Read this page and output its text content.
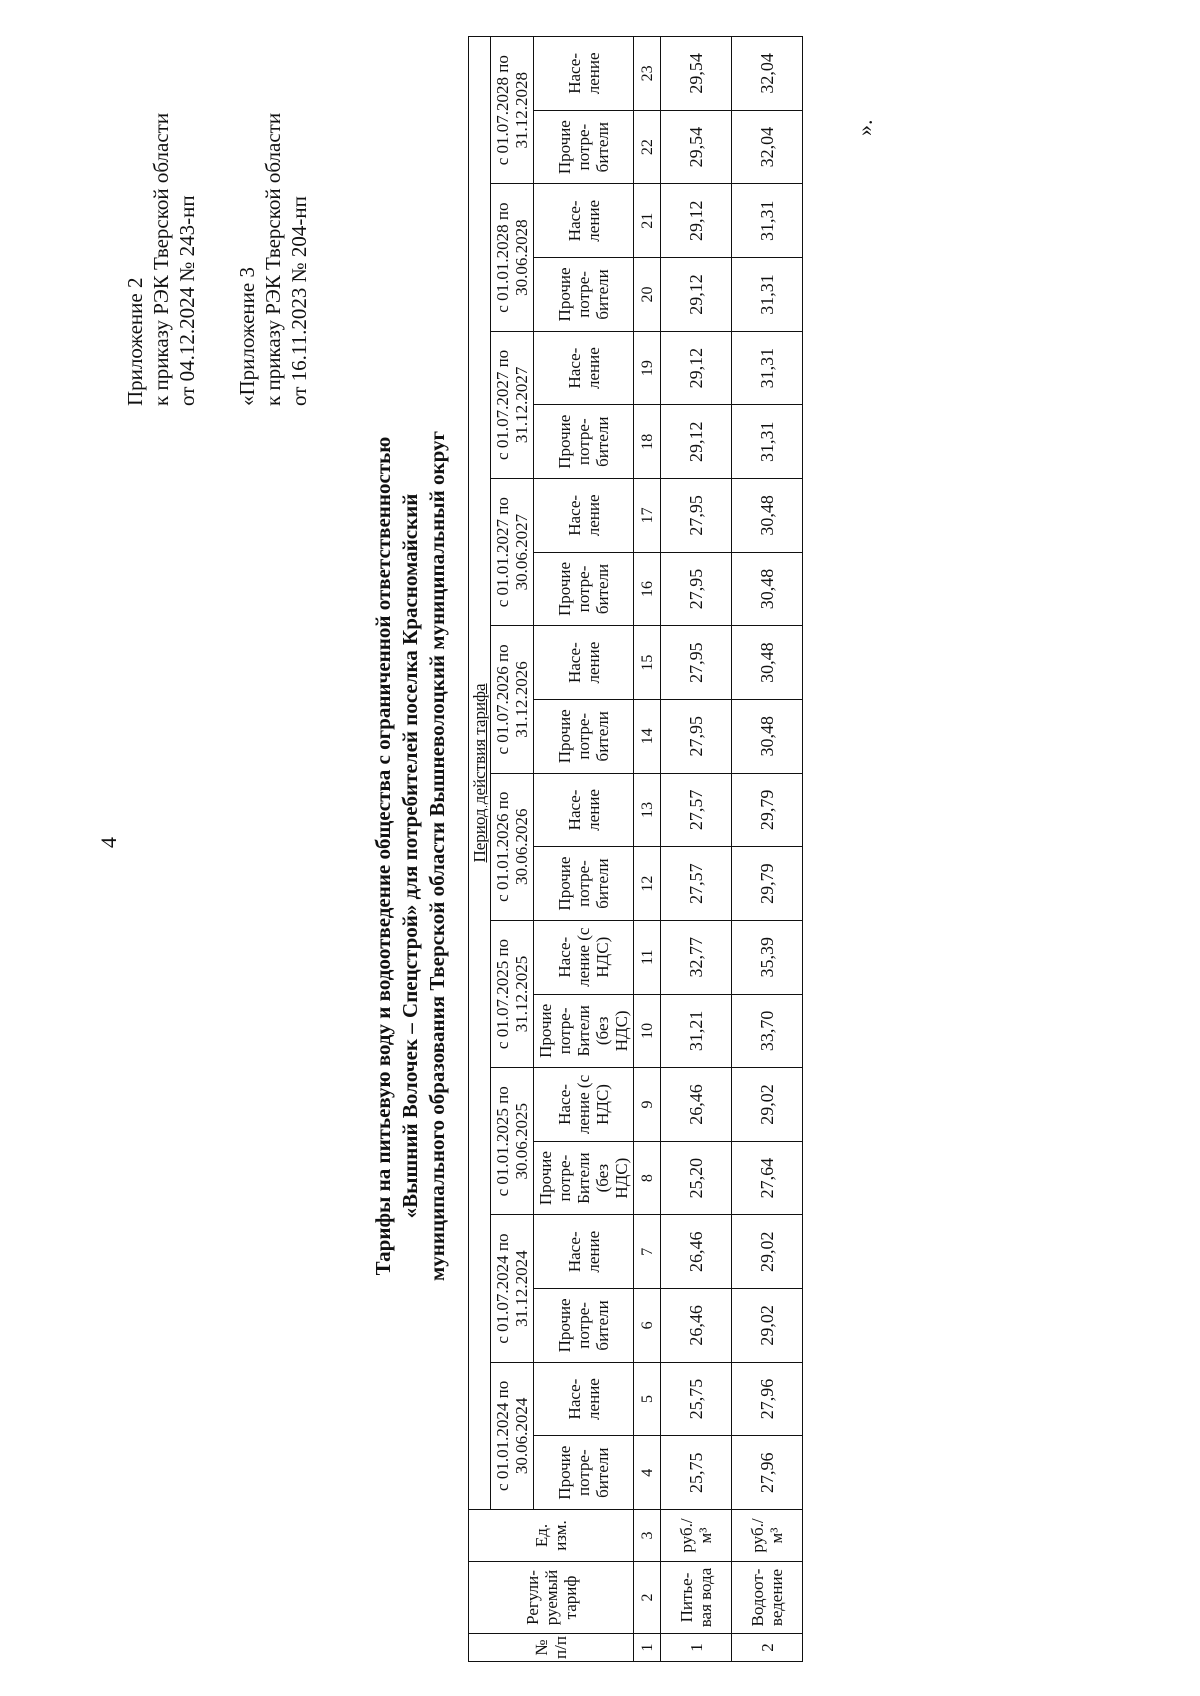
4
Приложение 2 к приказу РЭК Тверской области от 04.12.2024 № 243-нп «Приложение 3 к приказу РЭК Тверской области от 16.11.2023 № 204-нп
Тарифы на питьевую воду и водоотведение общества с ограниченной ответственностью «Вышний Волочек – Спецстрой» для потребителей поселка Красномайский муниципального образования Тверской области Вышневолоцкий муниципальный округ
№ п/п	Регули-руемый тариф	Ед. изм.	Период действия тарифа																			
			с 01.01.2024 по 30.06.2024		с 01.07.2024 по 31.12.2024		с 01.01.2025 по 30.06.2025		с 01.07.2025 по 31.12.2025		с 01.01.2026 по 30.06.2026		с 01.07.2026 по 31.12.2026		с 01.01.2027 по 30.06.2027		с 01.07.2027 по 31.12.2027		с 01.01.2028 по 30.06.2028		с 01.07.2028 по 31.12.2028	
			Прочие потре-бители	Насе-ление	Прочие потре-бители	Насе-ление	Прочие потре-Бители (без НДС)	Насе-ление (с НДС)	Прочие потре-Бители (без НДС)	Насе-ление (с НДС)	Прочие потре-бители	Насе-ление	Прочие потре-бители	Насе-ление	Прочие потре-бители	Насе-ление	Прочие потре-бители	Насе-ление	Прочие потре-бители	Насе-ление	Прочие потре-бители	Насе-ление
1	2	3	4	5	6	7	8	9	10	11	12	13	14	15	16	17	18	19	20	21	22	23
1	Питье-вая вода	руб./м³	25,75	25,75	26,46	26,46	25,20	26,46	31,21	32,77	27,57	27,57	27,95	27,95	27,95	27,95	29,12	29,12	29,12	29,12	29,54	29,54
2	Водоот-ведение	руб./м³	27,96	27,96	29,02	29,02	27,64	29,02	33,70	35,39	29,79	29,79	30,48	30,48	30,48	30,48	31,31	31,31	31,31	31,31	32,04	32,04
».
